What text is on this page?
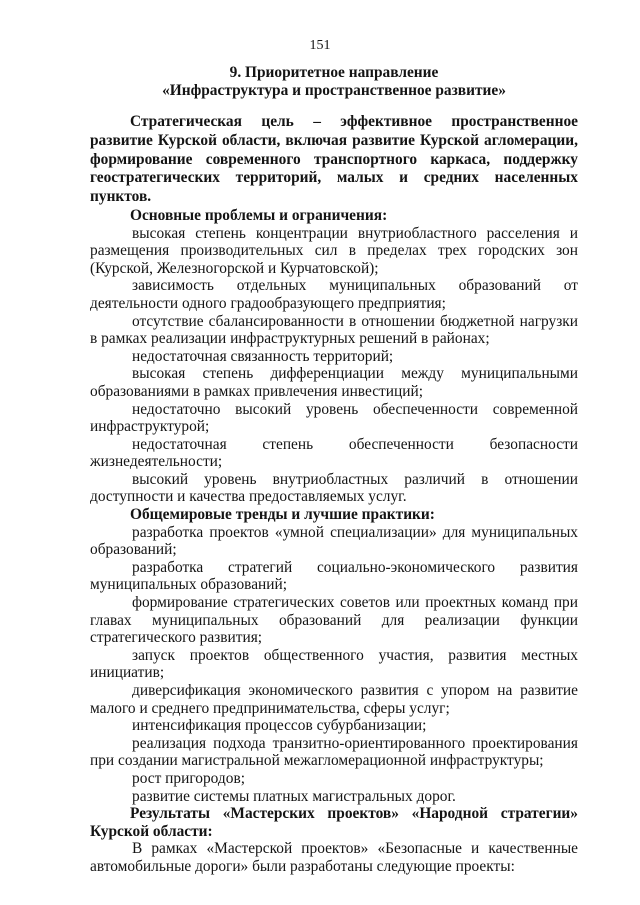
151
9. Приоритетное направление
«Инфраструктура и пространственное развитие»

Стратегическая цель – эффективное пространственное развитие Курской области, включая развитие Курской агломерации, формирование современного транспортного каркаса, поддержку геостратегических территорий, малых и средних населенных пунктов.

Основные проблемы и ограничения:

высокая степень концентрации внутриобластного расселения и размещения производительных сил в пределах трех городских зон (Курской, Железногорской и Курчатовской);

зависимость отдельных муниципальных образований от деятельности одного градообразующего предприятия;

отсутствие сбалансированности в отношении бюджетной нагрузки в рамках реализации инфраструктурных решений в районах;

недостаточная связанность территорий;

высокая степень дифференциации между муниципальными образованиями в рамках привлечения инвестиций;

недостаточно высокий уровень обеспеченности современной инфраструктурой;

недостаточная степень обеспеченности безопасности жизнедеятельности;

высокий уровень внутриобластных различий в отношении доступности и качества предоставляемых услуг.

Общемировые тренды и лучшие практики:

разработка проектов «умной специализации» для муниципальных образований;

разработка стратегий социально-экономического развития муниципальных образований;

формирование стратегических советов или проектных команд при главах муниципальных образований для реализации функции стратегического развития;

запуск проектов общественного участия, развития местных инициатив;

диверсификация экономического развития с упором на развитие малого и среднего предпринимательства, сферы услуг;

интенсификация процессов субурбанизации;

реализация подхода транзитно-ориентированного проектирования при создании магистральной межагломерационной инфраструктуры;

рост пригородов;

развитие системы платных магистральных дорог.

Результаты «Мастерских проектов» «Народной стратегии» Курской области:

В рамках «Мастерской проектов» «Безопасные и качественные автомобильные дороги» были разработаны следующие проекты:
